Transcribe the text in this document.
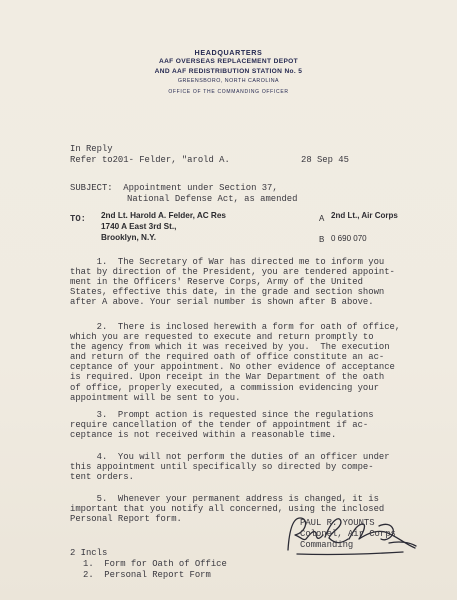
HEADQUARTERS
AAF OVERSEAS REPLACEMENT DEPOT
AND AAF REDISTRIBUTION STATION No. 5
GREENSBORO, NORTH CAROLINA
OFFICE OF THE COMMANDING OFFICER
In Reply
Refer to201- Felder, "arold A.	28 Sep 45
SUBJECT:  Appointment under Section 37,
National Defense Act, as amended
TO: 2nd Lt. Harold A. Felder, AC Res
1740 A East 3rd St.,
Brooklyn, N.Y.
A 2nd Lt., Air Corps
B 0 690 070
1.  The Secretary of War has directed me to inform you
that by direction of the President, you are tendered appoint-
ment in the Officers' Reserve Corps, Army of the United
States, effective this date, in the grade and section shown
after A above. Your serial number is shown after B above.
2.  There is inclosed herewith a form for oath of office,
which you are requested to execute and return promptly to
the agency from which it was received by you.  The execution
and return of the required oath of office constitute an ac-
ceptance of your appointment. No other evidence of acceptance
is required. Upon receipt in the War Department of the oath
of office, properly executed, a commission evidencing your
appointment will be sent to you.
3.  Prompt action is requested since the regulations
require cancellation of the tender of appointment if ac-
ceptance is not received within a reasonable time.
4.  You will not perform the duties of an officer under
this appointment until specifically so directed by compe-
tent orders.
5.  Whenever your permanent address is changed, it is
important that you notify all concerned, using the inclosed
Personal Report form.	PAUL R. YOUNTS
Colonel, Air Corps
Commanding
2 Incls
1.  Form for Oath of Office
2.  Personal Report Form
